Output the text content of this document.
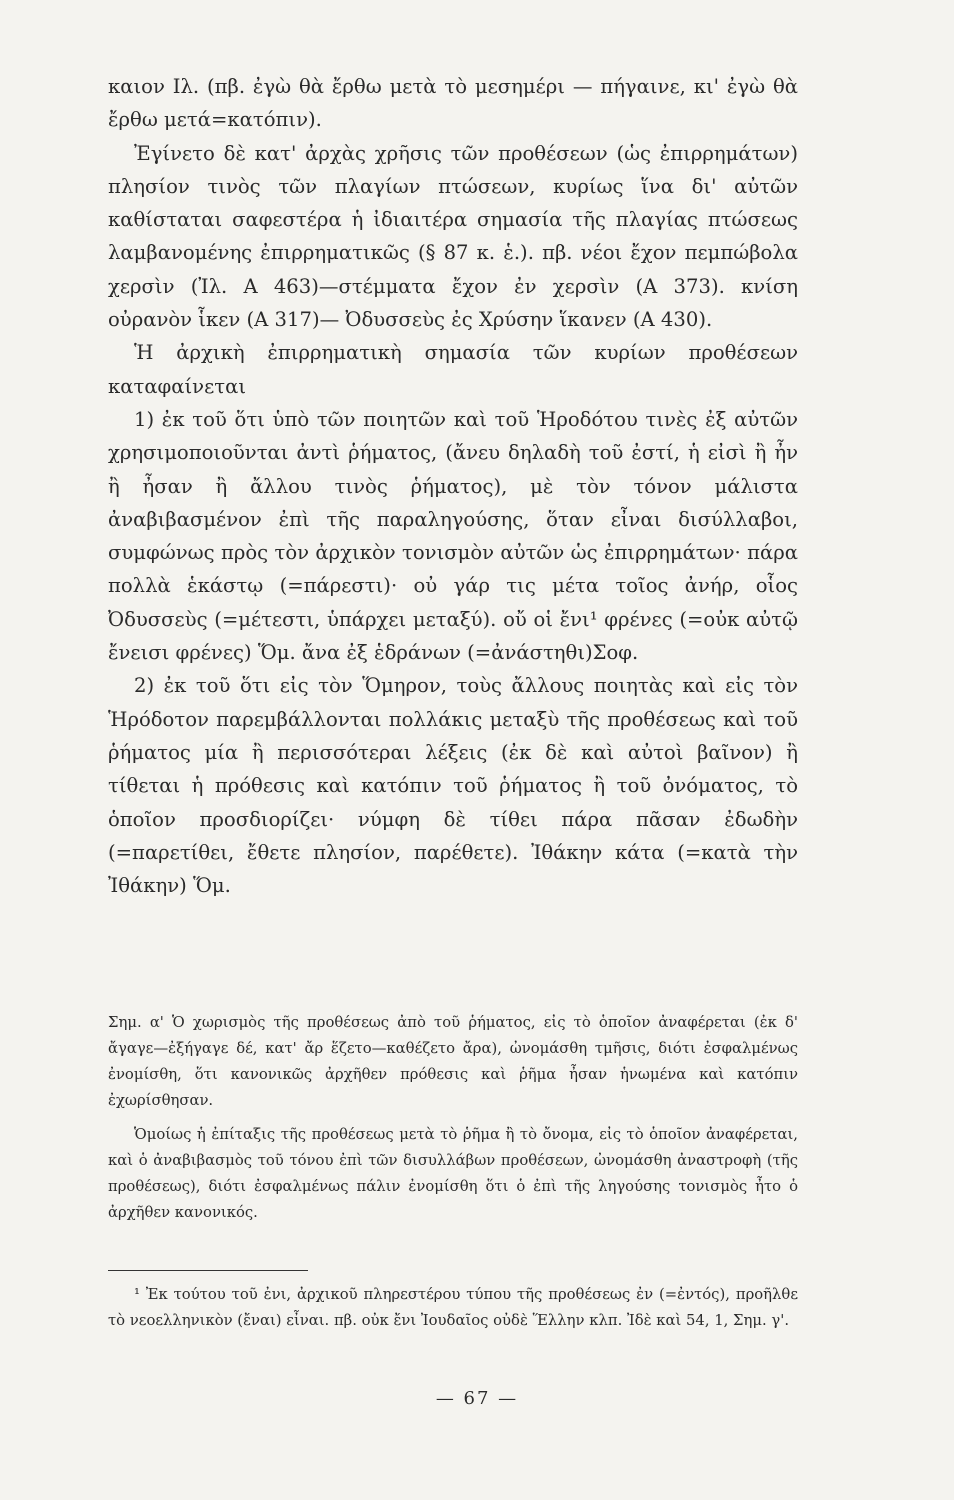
καιον Ιλ. (πβ. ἐγὼ θὰ ἔρθω μετὰ τὸ μεσημέρι — πήγαινε, κι' ἐγὼ θὰ ἔρθω μετά=κατόπιν).

Ἐγίνετο δὲ κατ' ἀρχὰς χρῆσις τῶν προθέσεων (ὡς ἐπιρρημάτων) πλησίον τινὸς τῶν πλαγίων πτώσεων, κυρίως ἵνα δι' αὐτῶν καθίσταται σαφεστέρα ἡ ἰδιαιτέρα σημασία τῆς πλαγίας πτώσεως λαμβανομένης ἐπιρρηματικῶς (§ 87 κ. ἑ.). πβ. νέοι ἔχον πεμπώβολα χερσὶν (Ἰλ. Α 463)—στέμματα ἔχον ἐν χερσὶν (Α 373). κνίση οὐρανὸν ἷκεν (Α 317)— Ὀδυσσεὺς ἐς Χρύσην ἵκανεν (Α 430).

Ἡ ἀρχικὴ ἐπιρρηματικὴ σημασία τῶν κυρίων προθέσεων καταφαίνεται

1) ἐκ τοῦ ὅτι ὑπὸ τῶν ποιητῶν καὶ τοῦ Ἡροδότου τινὲς ἐξ αὐτῶν χρησιμοποιοῦνται ἀντὶ ῥήματος, (ἄνευ δηλαδὴ τοῦ ἐστί, ἡ εἰσὶ ἢ ἦν ἢ ἦσαν ἢ ἄλλου τινὸς ῥήματος), μὲ τὸν τόνον μάλιστα ἀναβιβασμένον ἐπὶ τῆς παραληγούσης, ὅταν εἶναι δισύλλαβοι, συμφώνως πρὸς τὸν ἀρχικὸν τονισμὸν αὐτῶν ὡς ἐπιρρημάτων· πάρα πολλὰ ἑκάστῳ (=πάρεστι)· οὐ γάρ τις μέτα τοῖος ἀνήρ, οἷος Ὀδυσσεὺς (=μέτεστι, ὑπάρχει μεταξύ). οὔ οἱ ἔνι¹ φρένες (=οὐκ αὐτῷ ἔνεισι φρένες) Ὅμ. ἄνα ἐξ ἑδράνων (=ἀνάστηθι)Σοφ.

2) ἐκ τοῦ ὅτι εἰς τὸν Ὅμηρον, τοὺς ἄλλους ποιητὰς καὶ εἰς τὸν Ἡρόδοτον παρεμβάλλονται πολλάκις μεταξὺ τῆς προθέσεως καὶ τοῦ ῥήματος μία ἢ περισσότεραι λέξεις (ἐκ δὲ καὶ αὐτοὶ βαῖνον) ἢ τίθεται ἡ πρόθεσις καὶ κατόπιν τοῦ ῥήματος ἢ τοῦ ὀνόματος, τὸ ὁποῖον προσδιορίζει· νύμφη δὲ τίθει πάρα πᾶσαν ἐδωδὴν (=παρετίθει, ἔθετε πλησίον, παρέθετε). Ἰθάκην κάτα (=κατὰ τὴν Ἰθάκην) Ὅμ.

Σημ. α' Ὁ χωρισμὸς τῆς προθέσεως ἀπὸ τοῦ ῥήματος, εἰς τὸ ὁποῖον ἀναφέρεται (ἐκ δ' ἄγαγε—ἐξήγαγε δέ, κατ' ἄρ ἕζετο—καθέζετο ἄρα), ὠνομάσθη τμῆσις, διότι ἐσφαλμένως ἐνομίσθη, ὅτι κανονικῶς ἀρχῆθεν πρόθεσις καὶ ῥῆμα ἦσαν ἡνωμένα καὶ κατόπιν ἐχωρίσθησαν.

Ὁμοίως ἡ ἐπίταξις τῆς προθέσεως μετὰ τὸ ῥῆμα ἢ τὸ ὄνομα, εἰς τὸ ὁποῖον ἀναφέρεται, καὶ ὁ ἀναβιβασμὸς τοῦ τόνου ἐπὶ τῶν δισυλλάβων προθέσεων, ὠνομάσθη ἀναστροφὴ (τῆς προθέσεως), διότι ἐσφαλμένως πάλιν ἐνομίσθη ὅτι ὁ ἐπὶ τῆς ληγούσης τονισμὸς ἦτο ὁ ἀρχῆθεν κανονικός.

¹ Ἐκ τούτου τοῦ ἐνι, ἀρχικοῦ πληρεστέρου τύπου τῆς προθέσεως ἐν (=ἐντός), προῆλθε τὸ νεοελληνικὸν (ἔναι) εἶναι. πβ. οὐκ ἔνι Ἰουδαῖος οὐδὲ Ἕλλην κλπ. Ἰδὲ καὶ 54, 1, Σημ. γ'.

— 67 —
